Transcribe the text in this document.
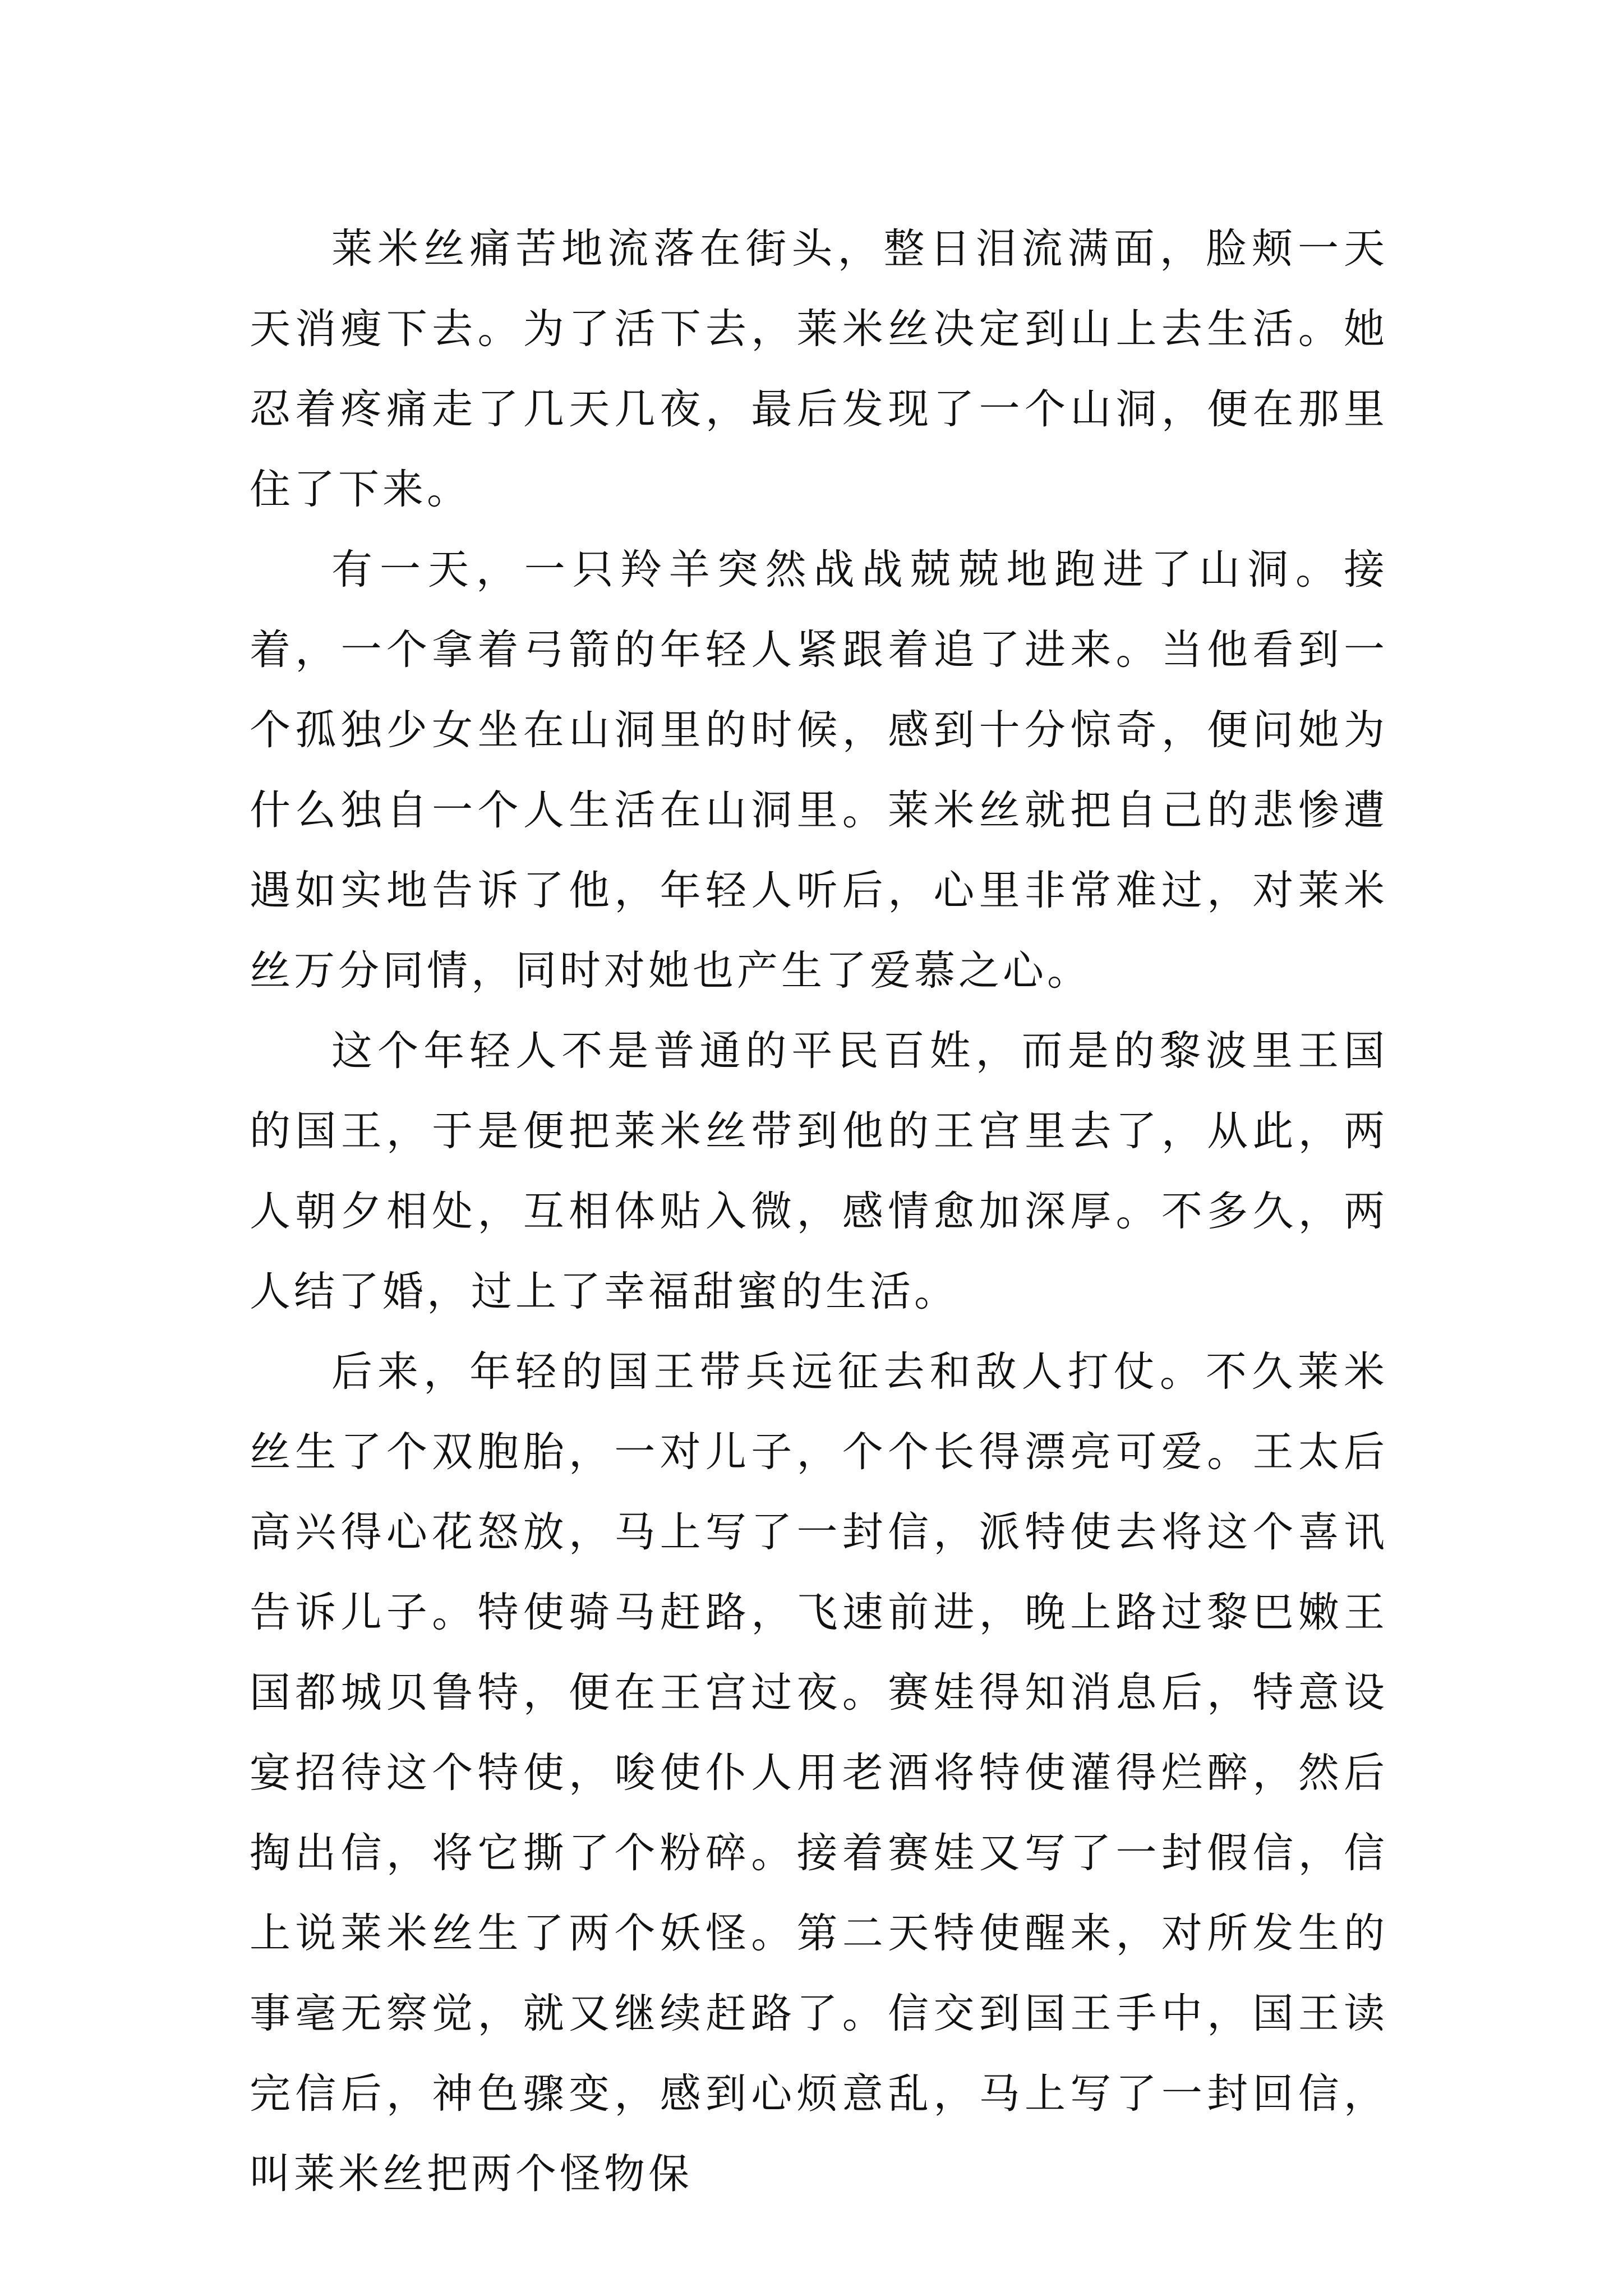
莱米丝痛苦地流落在街头，整日泪流满面，脸颊一天天消瘦下去。为了活下去，莱米丝决定到山上去生活。她忍着疼痛走了几天几夜，最后发现了一个山洞，便在那里住了下来。

有一天，一只羚羊突然战战兢兢地跑进了山洞。接着，一个拿着弓箭的年轻人紧跟着追了进来。当他看到一个孤独少女坐在山洞里的时候，感到十分惊奇，便问她为什么独自一个人生活在山洞里。莱米丝就把自己的悲惨遭遇如实地告诉了他，年轻人听后，心里非常难过，对莱米丝万分同情，同时对她也产生了爱慕之心。

这个年轻人不是普通的平民百姓，而是的黎波里王国的国王，于是便把莱米丝带到他的王宫里去了，从此，两人朝夕相处，互相体贴入微，感情愈加深厚。不多久，两人结了婚，过上了幸福甜蜜的生活。

后来，年轻的国王带兵远征去和敌人打仗。不久莱米丝生了个双胞胎，一对儿子，个个长得漂亮可爱。王太后高兴得心花怒放，马上写了一封信，派特使去将这个喜讯告诉儿子。特使骑马赶路，飞速前进，晚上路过黎巴嫩王国都城贝鲁特，便在王宫过夜。赛娃得知消息后，特意设宴招待这个特使，唆使仆人用老酒将特使灌得烂醉，然后掏出信，将它撕了个粉碎。接着赛娃又写了一封假信，信上说莱米丝生了两个妖怪。第二天特使醒来，对所发生的事毫无察觉，就又继续赶路了。信交到国王手中，国王读完信后，神色骤变，感到心烦意乱，马上写了一封回信，叫莱米丝把两个怪物保
